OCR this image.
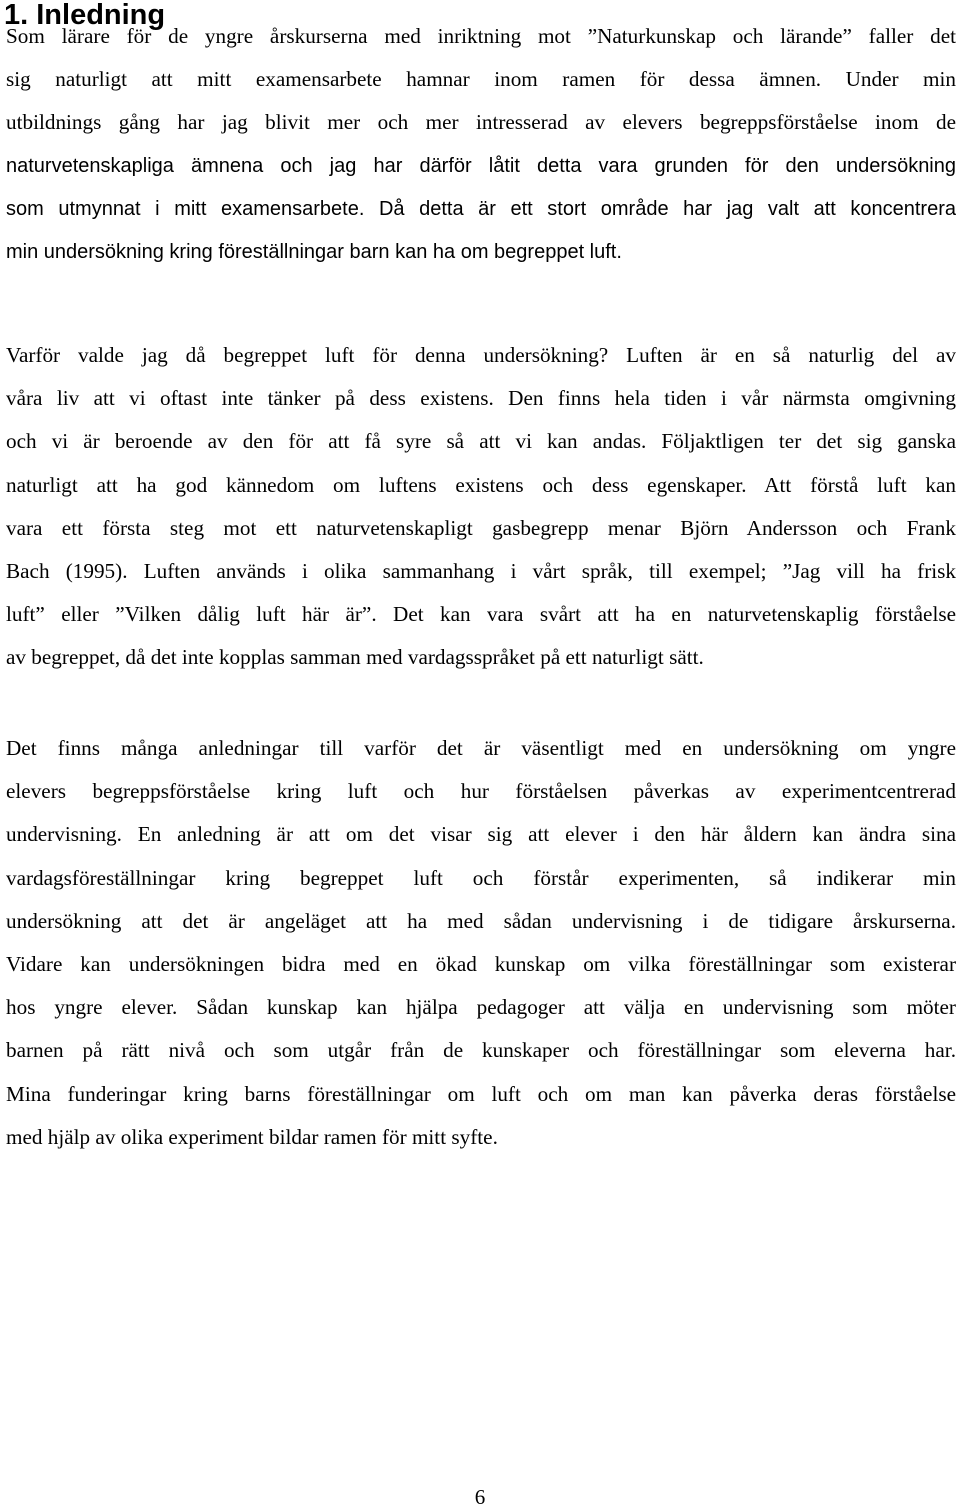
1. Inledning
Som lärare för de yngre årskurserna med inriktning mot ”Naturkunskap och lärande” faller det
sig naturligt att mitt examensarbete hamnar inom ramen för dessa ämnen. Under min
utbildnings gång har jag blivit mer och mer intresserad av elevers begreppsförståelse inom de
naturvetenskapliga ämnena och jag har därför låtit detta vara grunden för den undersökning
som utmynnat i mitt examensarbete. Då detta är ett stort område har jag valt att koncentrera
min undersökning kring föreställningar barn kan ha om begreppet luft.
Varför valde jag då begreppet luft för denna undersökning? Luften är en så naturlig del av
våra liv att vi oftast inte tänker på dess existens. Den finns hela tiden i vår närmsta omgivning
och vi är beroende av den för att få syre så att vi kan andas. Följaktligen ter det sig ganska
naturligt att ha god kännedom om luftens existens och dess egenskaper. Att förstå luft kan
vara ett första steg mot ett naturvetenskapligt gasbegrepp menar Björn Andersson och Frank
Bach (1995). Luften används i olika sammanhang i vårt språk, till exempel; ”Jag vill ha frisk
luft” eller ”Vilken dålig luft här är”. Det kan vara svårt att ha en naturvetenskaplig förståelse
av begreppet, då det inte kopplas samman med vardagsspråket på ett naturligt sätt.
Det finns många anledningar till varför det är väsentligt med en undersökning om yngre
elevers begreppsförståelse kring luft och hur förståelsen påverkas av experimentcentrerad
undervisning. En anledning är att om det visar sig att elever i den här åldern kan ändra sina
vardagsföreställningar kring begreppet luft och förstår experimenten, så indikerar min
undersökning att det är angeläget att ha med sådan undervisning i de tidigare årskurserna.
Vidare kan undersökningen bidra med en ökad kunskap om vilka föreställningar som existerar
hos yngre elever. Sådan kunskap kan hjälpa pedagoger att välja en undervisning som möter
barnen på rätt nivå och som utgår från de kunskaper och föreställningar som eleverna har.
Mina funderingar kring barns föreställningar om luft och om man kan påverka deras förståelse
med hjälp av olika experiment bildar ramen för mitt syfte.
6
